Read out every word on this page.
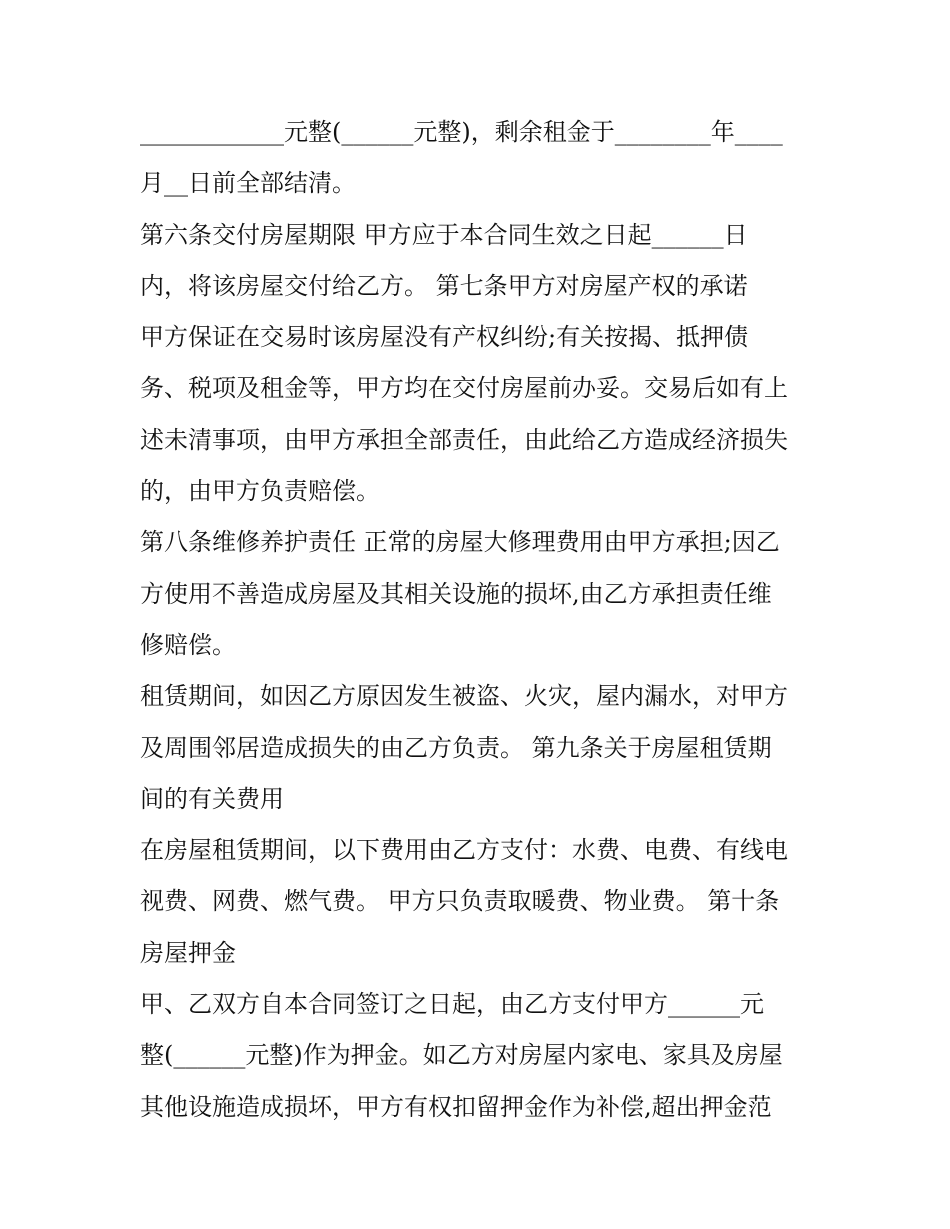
____________元整(______元整)，剩余租金于________年____
月__日前全部结清。
第六条交付房屋期限 甲方应于本合同生效之日起______日
内，将该房屋交付给乙方。 第七条甲方对房屋产权的承诺
甲方保证在交易时该房屋没有产权纠纷;有关按揭、抵押债
务、税项及租金等，甲方均在交付房屋前办妥。交易后如有上
述未清事项，由甲方承担全部责任，由此给乙方造成经济损失
的，由甲方负责赔偿。
第八条维修养护责任 正常的房屋大修理费用由甲方承担;因乙
方使用不善造成房屋及其相关设施的损坏,由乙方承担责任维
修赔偿。
租赁期间，如因乙方原因发生被盗、火灾，屋内漏水，对甲方
及周围邻居造成损失的由乙方负责。 第九条关于房屋租赁期
间的有关费用
在房屋租赁期间，以下费用由乙方支付：水费、电费、有线电
视费、网费、燃气费。 甲方只负责取暖费、物业费。 第十条
房屋押金
甲、乙双方自本合同签订之日起，由乙方支付甲方______元
整(______元整)作为押金。如乙方对房屋内家电、家具及房屋
其他设施造成损坏，甲方有权扣留押金作为补偿,超出押金范
